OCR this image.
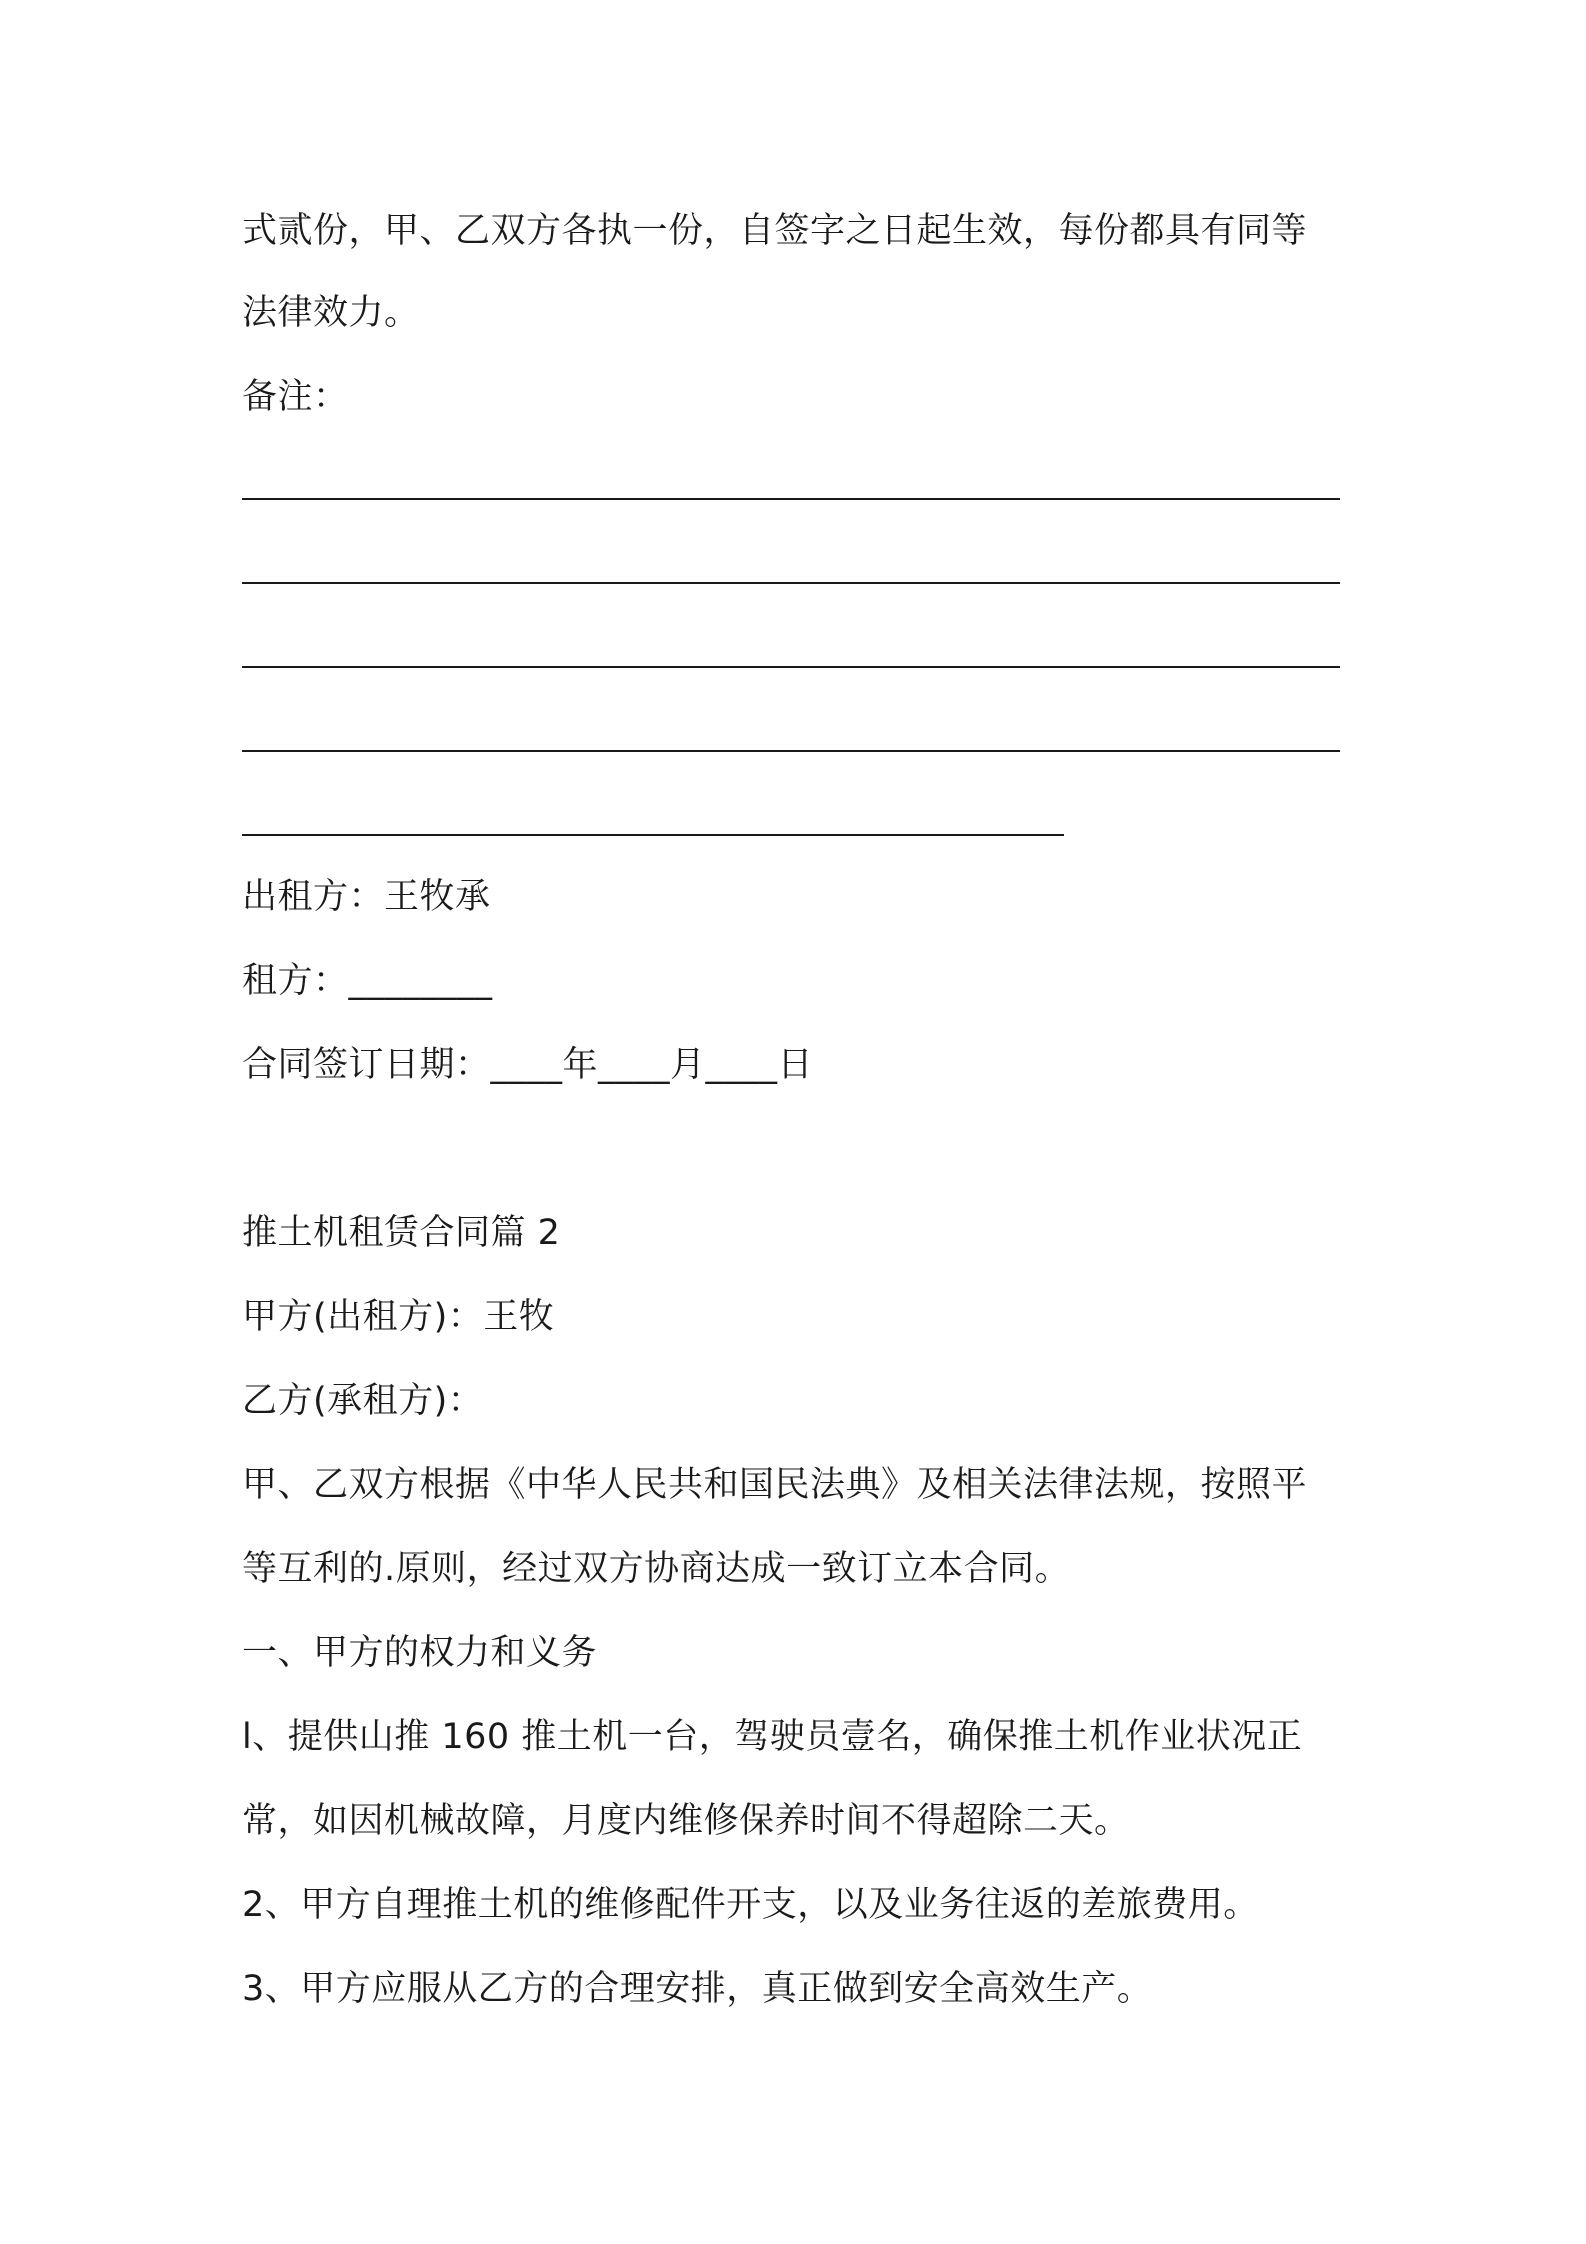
式贰份，甲、乙双方各执一份，自签字之日起生效，每份都具有同等

法律效力。

备注：

出租方：王牧承

租方：________

合同签订日期：____年____月____日

推土机租赁合同篇 2

甲方(出租方)：王牧

乙方(承租方)：

甲、乙双方根据《中华人民共和国民法典》及相关法律法规，按照平

等互利的.原则，经过双方协商达成一致订立本合同。

一、甲方的权力和义务

l、提供山推 160 推土机一台，驾驶员壹名，确保推土机作业状况正

常，如因机械故障，月度内维修保养时间不得超除二天。

2、甲方自理推土机的维修配件开支，以及业务往返的差旅费用。

3、甲方应服从乙方的合理安排，真正做到安全高效生产。
